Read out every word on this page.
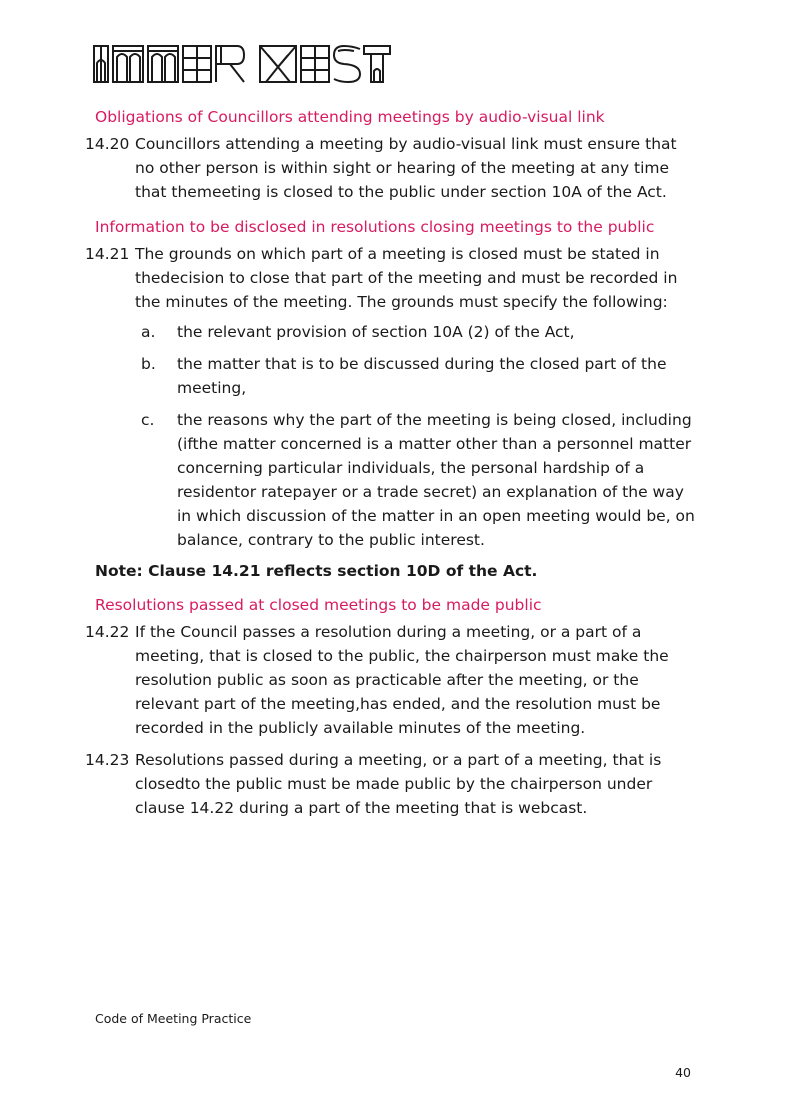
Obligations of Councillors attending meetings by audio-visual link
14.20 Councillors attending a meeting by audio-visual link must ensure that no other person is within sight or hearing of the meeting at any time that themeeting is closed to the public under section 10A of the Act.
Information to be disclosed in resolutions closing meetings to the public
14.21 The grounds on which part of a meeting is closed must be stated in thedecision to close that part of the meeting and must be recorded in the minutes of the meeting. The grounds must specify the following:
a.	the relevant provision of section 10A (2) of the Act,
b.	the matter that is to be discussed during the closed part of the meeting,
c.	the reasons why the part of the meeting is being closed, including (ifthe matter concerned is a matter other than a personnel matter concerning particular individuals, the personal hardship of a residentor ratepayer or a trade secret) an explanation of the way in which discussion of the matter in an open meeting would be, on balance, contrary to the public interest.

Note: Clause 14.21 reflects section 10D of the Act.

Resolutions passed at closed meetings to be made public
14.22 If the Council passes a resolution during a meeting, or a part of a meeting, that is closed to the public, the chairperson must make the resolution public as soon as practicable after the meeting, or the relevant part of the meeting,has ended, and the resolution must be recorded in the publicly available minutes of the meeting.
14.23 Resolutions passed during a meeting, or a part of a meeting, that is closedto the public must be made public by the chairperson under clause 14.22 during a part of the meeting that is webcast.
Code of Meeting Practice
40
